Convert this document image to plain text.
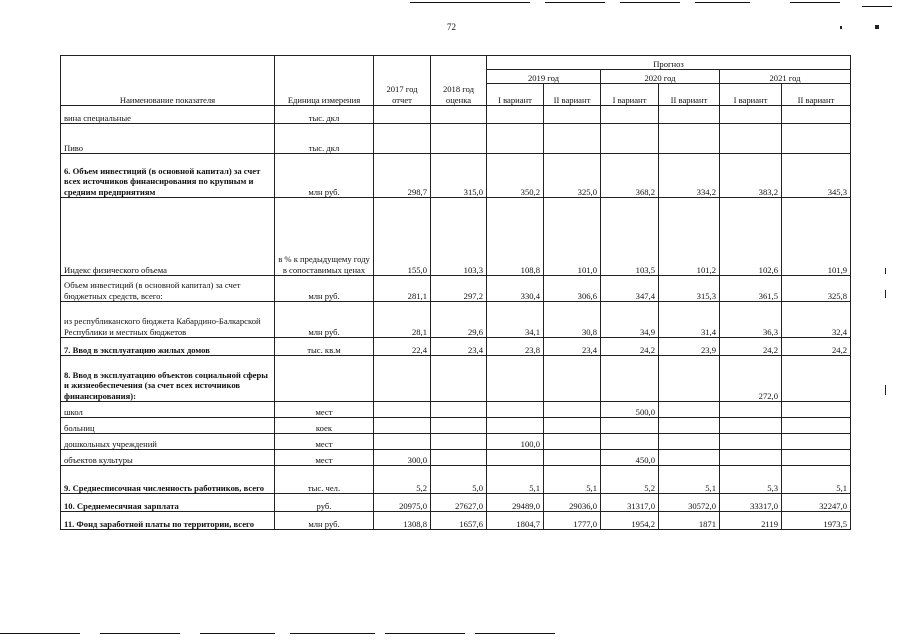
72
Наименование показателя	Единица измерения	2017 год отчет	2018 год оценка	Прогноз					
				2019 год		2020 год		2021 год	
				I вариант	II вариант	I вариант	II вариант	I вариант	II вариант
вина специальные	тыс. дкл								
Пиво	тыс. дкл								
6. Объем инвестиций (в основной капитал) за счет всех источников финансирования по крупным и средним предприятиям	млн руб.	298,7	315,0	350,2	325,0	368,2	334,2	383,2	345,3
Индекс физического объема	в % к предыдущему году в сопоставимых ценах	155,0	103,3	108,8	101,0	103,5	101,2	102,6	101,9
Объем инвестиций (в основной капитал) за счет бюджетных средств, всего:	млн руб.	281,1	297,2	330,4	306,6	347,4	315,3	361,5	325,8
из республиканского бюджета Кабардино-Балкарской Республики и местных бюджетов	млн руб.	28,1	29,6	34,1	30,8	34,9	31,4	36,3	32,4
7. Ввод в эксплуатацию жилых домов	тыс. кв.м	22,4	23,4	23,8	23,4	24,2	23,9	24,2	24,2
8. Ввод в эксплуатацию объектов социальной сферы и жизнеобеспечения (за счет всех источников финансирования):								272,0	
школ	мест					500,0			
больниц	коек								
дошкольных учреждений	мест			100,0					
объектов культуры	мест	300,0				450,0			
9. Среднесписочная численность работников, всего	тыс. чел.	5,2	5,0	5,1	5,1	5,2	5,1	5,3	5,1
10. Среднемесячная зарплата	руб.	20975,0	27627,0	29489,0	29036,0	31317,0	30572,0	33317,0	32247,0
11. Фонд заработной платы по территории, всего	млн руб.	1308,8	1657,6	1804,7	1777,0	1954,2	1871	2119	1973,5
